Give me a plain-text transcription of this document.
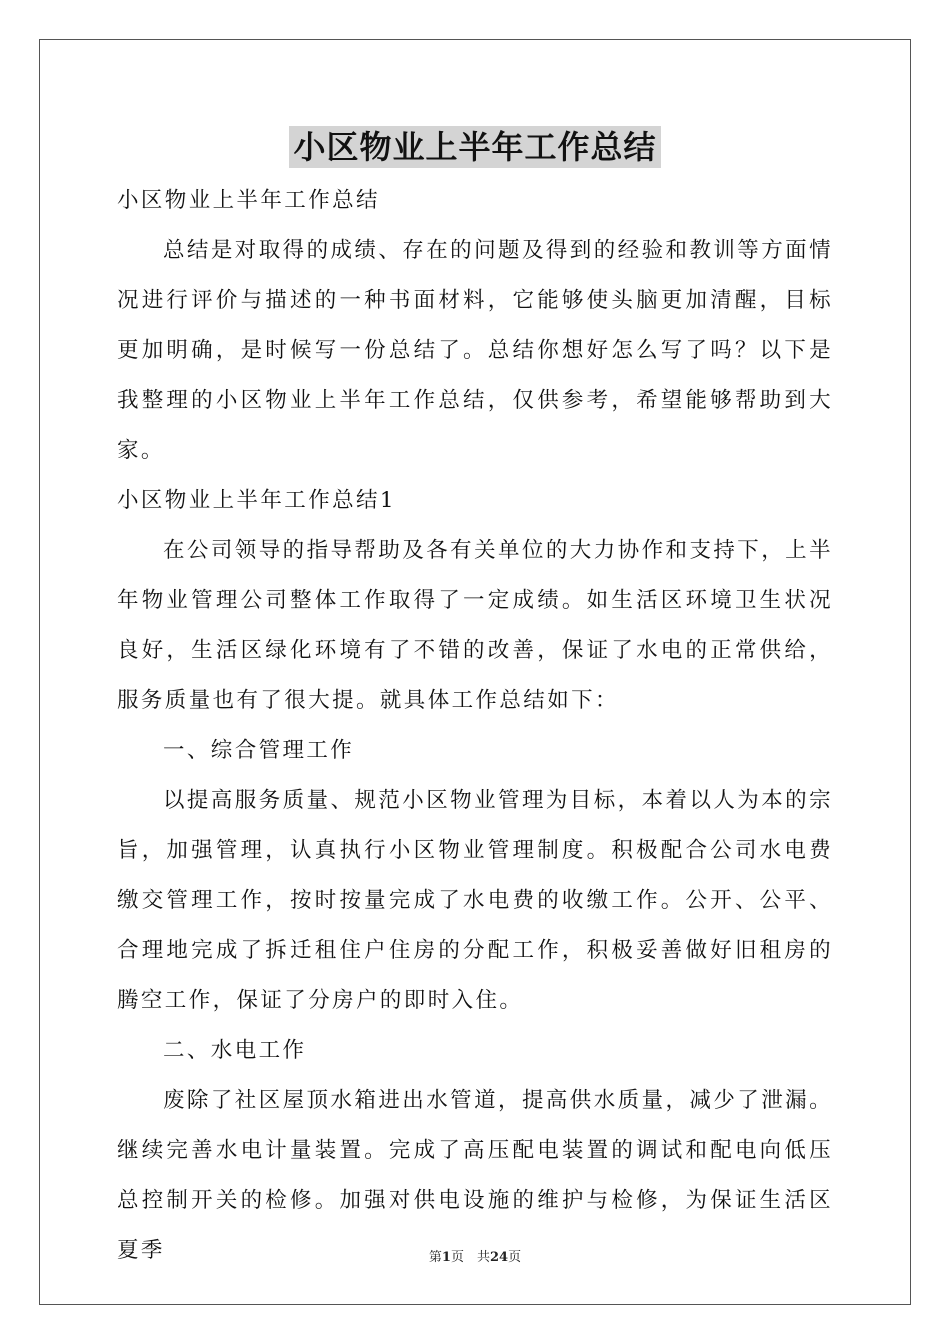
小区物业上半年工作总结

小区物业上半年工作总结

总结是对取得的成绩、存在的问题及得到的经验和教训等方面情况进行评价与描述的一种书面材料，它能够使头脑更加清醒，目标更加明确，是时候写一份总结了。总结你想好怎么写了吗？以下是我整理的小区物业上半年工作总结，仅供参考，希望能够帮助到大家。

小区物业上半年工作总结1

在公司领导的指导帮助及各有关单位的大力协作和支持下，上半年物业管理公司整体工作取得了一定成绩。如生活区环境卫生状况良好，生活区绿化环境有了不错的改善，保证了水电的正常供给，服务质量也有了很大提。就具体工作总结如下：

一、综合管理工作

以提高服务质量、规范小区物业管理为目标，本着以人为本的宗旨，加强管理，认真执行小区物业管理制度。积极配合公司水电费缴交管理工作，按时按量完成了水电费的收缴工作。公开、公平、合理地完成了拆迁租住户住房的分配工作，积极妥善做好旧租房的腾空工作，保证了分房户的即时入住。

二、水电工作

废除了社区屋顶水箱进出水管道，提高供水质量，减少了泄漏。继续完善水电计量装置。完成了高压配电装置的调试和配电向低压总控制开关的检修。加强对供电设施的维护与检修，为保证生活区夏季	第1页　共24页
